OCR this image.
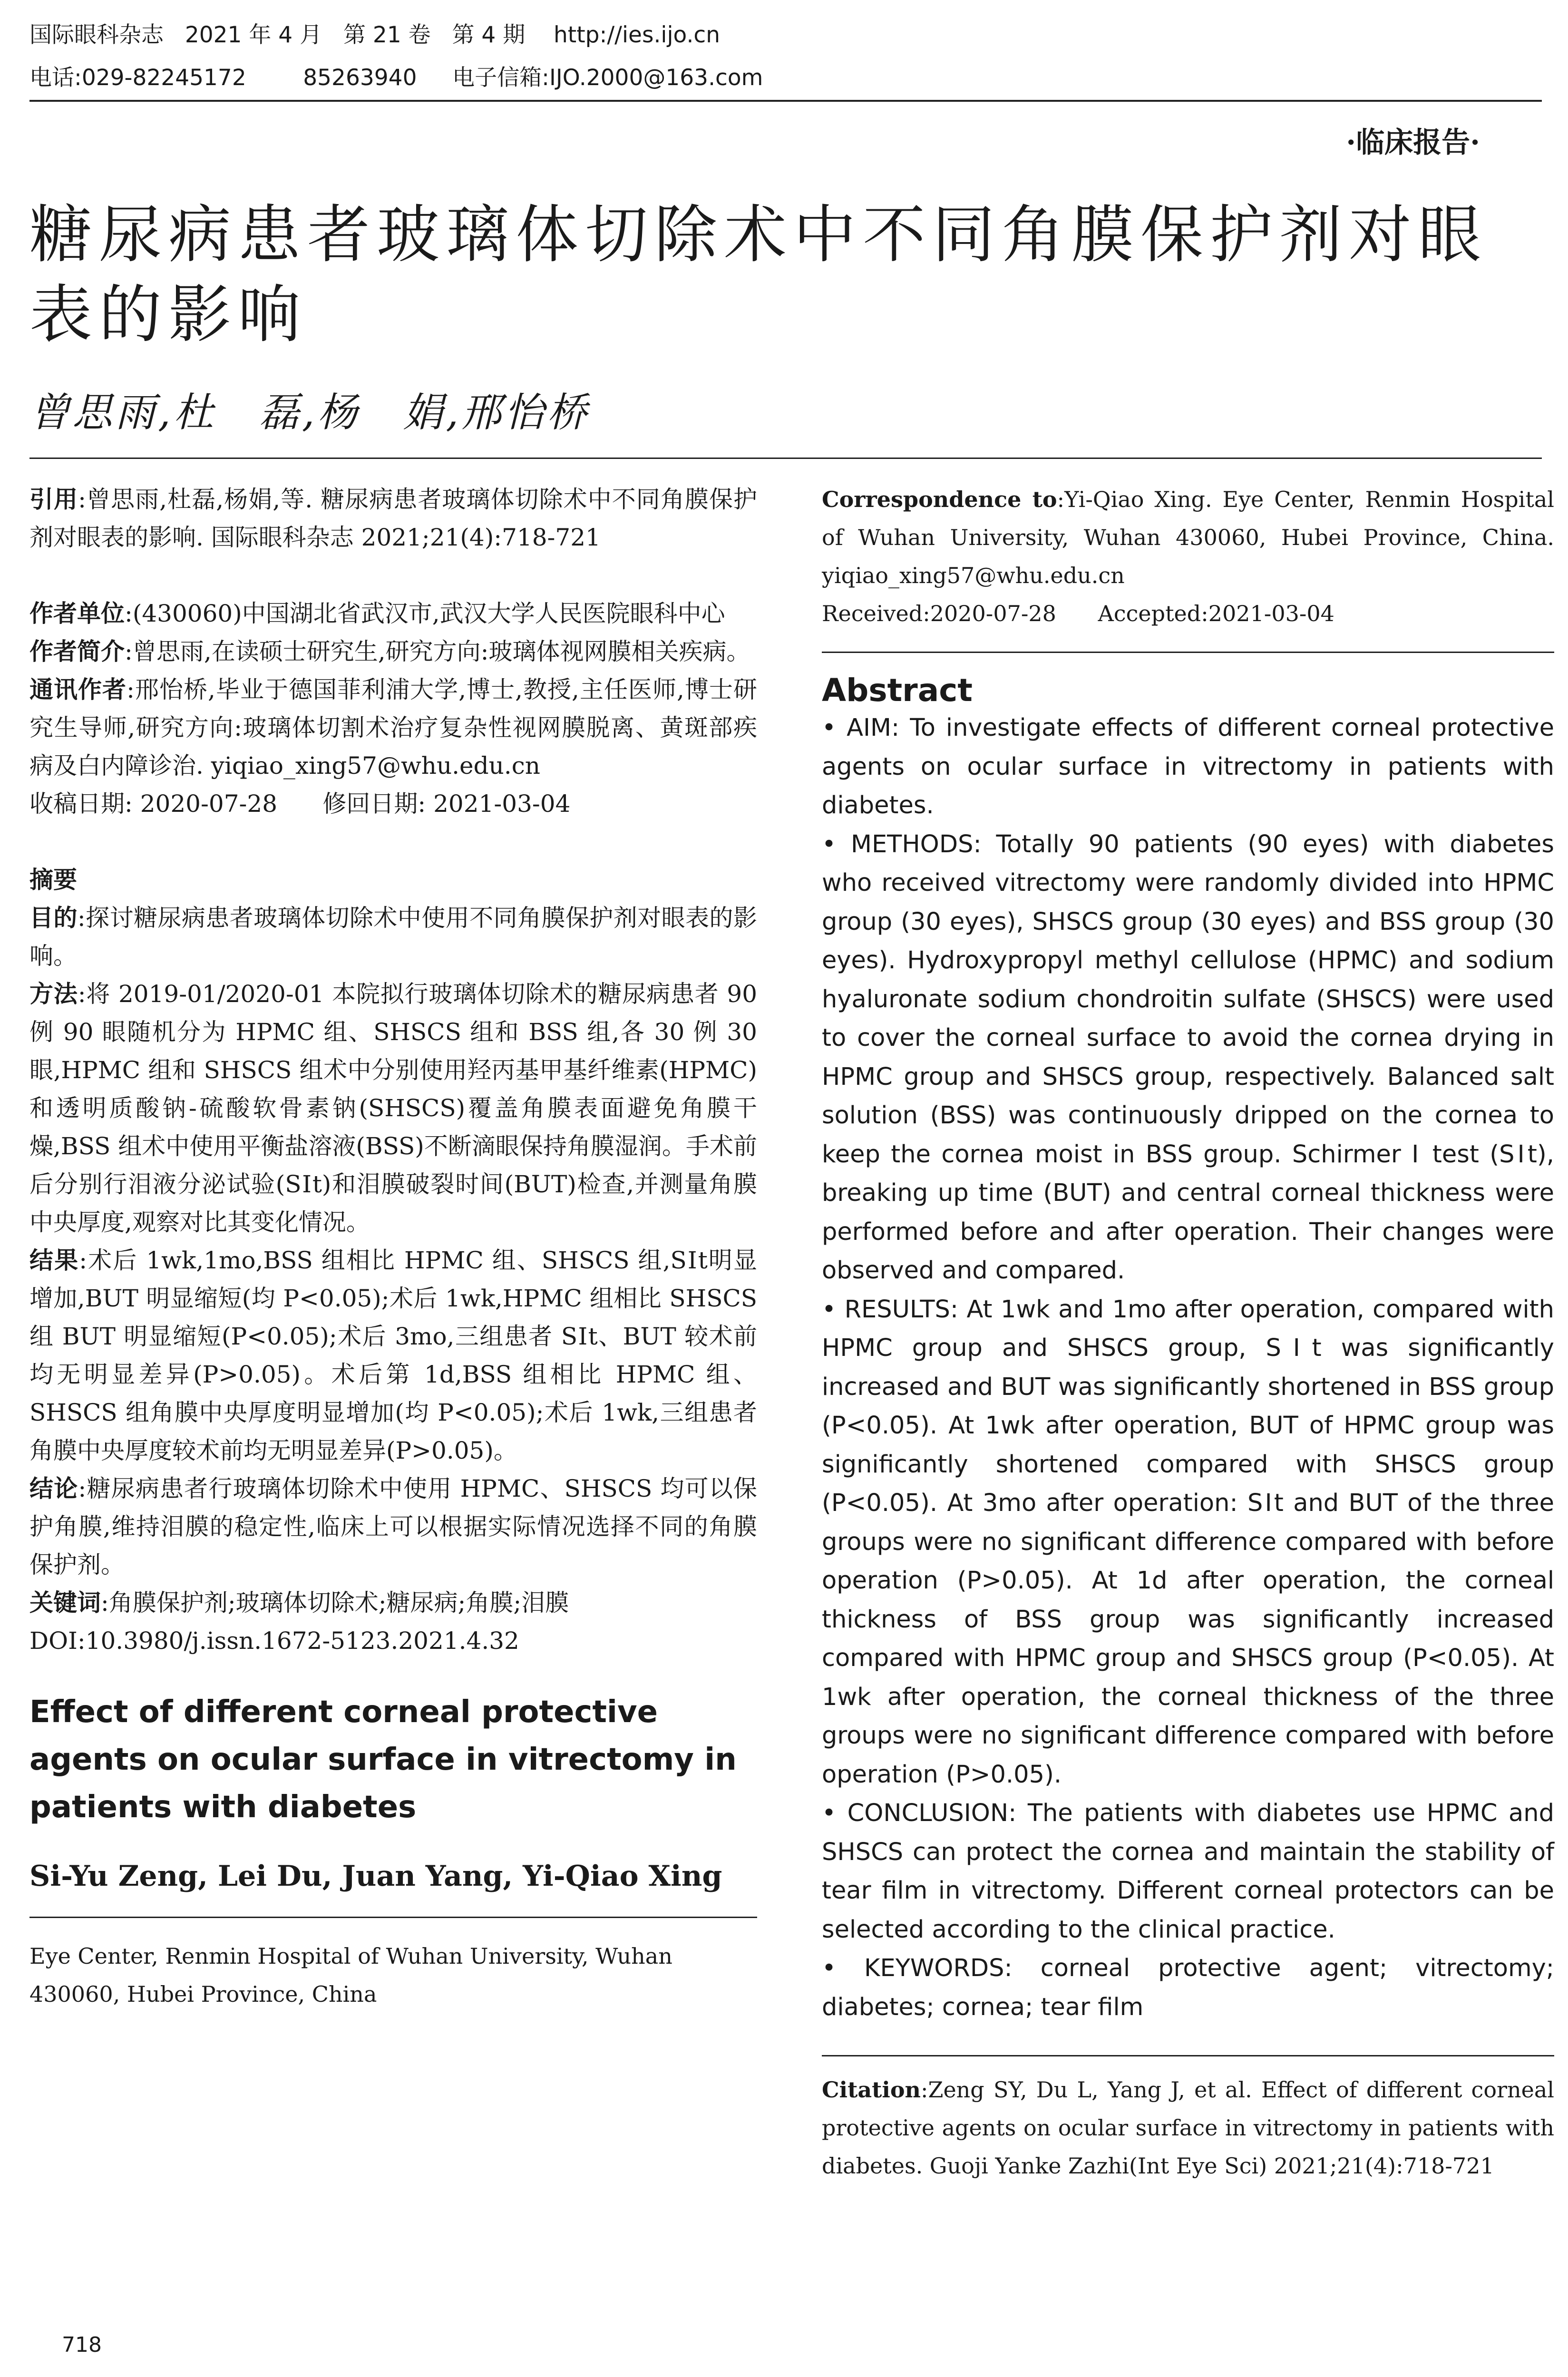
国际眼科杂志   2021 年 4 月   第 21 卷   第 4 期    http://ies.ijo.cn
电话:029-82245172        85263940     电子信箱:IJO.2000@163.com
·临床报告·
糖尿病患者玻璃体切除术中不同角膜保护剂对眼表的影响
曾思雨,杜　磊,杨　娟,邢怡桥

引用:曾思雨,杜磊,杨娟,等. 糖尿病患者玻璃体切除术中不同角膜保护剂对眼表的影响. 国际眼科杂志 2021;21(4):718-721

作者单位:(430060)中国湖北省武汉市,武汉大学人民医院眼科中心

作者简介:曾思雨,在读硕士研究生,研究方向:玻璃体视网膜相关疾病。

通讯作者:邢怡桥,毕业于德国菲利浦大学,博士,教授,主任医师,博士研究生导师,研究方向:玻璃体切割术治疗复杂性视网膜脱离、黄斑部疾病及白内障诊治. yiqiao_xing57@whu.edu.cn

收稿日期: 2020-07-28      修回日期: 2021-03-04

摘要

目的:探讨糖尿病患者玻璃体切除术中使用不同角膜保护剂对眼表的影响。

方法:将 2019-01/2020-01 本院拟行玻璃体切除术的糖尿病患者 90 例 90 眼随机分为 HPMC 组、SHSCS 组和 BSS 组,各 30 例 30 眼,HPMC 组和 SHSCS 组术中分别使用羟丙基甲基纤维素(HPMC)和透明质酸钠-硫酸软骨素钠(SHSCS)覆盖角膜表面避免角膜干燥,BSS 组术中使用平衡盐溶液(BSS)不断滴眼保持角膜湿润。手术前后分别行泪液分泌试验(SⅠt)和泪膜破裂时间(BUT)检查,并测量角膜中央厚度,观察对比其变化情况。

结果:术后 1wk,1mo,BSS 组相比 HPMC 组、SHSCS 组,SⅠt明显增加,BUT 明显缩短(均 P<0.05);术后 1wk,HPMC 组相比 SHSCS 组 BUT 明显缩短(P<0.05);术后 3mo,三组患者 SⅠt、BUT 较术前均无明显差异(P>0.05)。术后第 1d,BSS 组相比 HPMC 组、SHSCS 组角膜中央厚度明显增加(均 P<0.05);术后 1wk,三组患者角膜中央厚度较术前均无明显差异(P>0.05)。

结论:糖尿病患者行玻璃体切除术中使用 HPMC、SHSCS 均可以保护角膜,维持泪膜的稳定性,临床上可以根据实际情况选择不同的角膜保护剂。

关键词:角膜保护剂;玻璃体切除术;糖尿病;角膜;泪膜

DOI:10.3980/j.issn.1672-5123.2021.4.32

Effect of different corneal protective agents on ocular surface in vitrectomy in patients with diabetes

Si-Yu Zeng, Lei Du, Juan Yang, Yi-Qiao Xing

Eye Center, Renmin Hospital of Wuhan University, Wuhan 430060, Hubei Province, China

Correspondence to:Yi-Qiao Xing. Eye Center, Renmin Hospital of Wuhan University, Wuhan 430060, Hubei Province, China. yiqiao_xing57@whu.edu.cn

Received:2020-07-28      Accepted:2021-03-04

Abstract

• AIM: To investigate effects of different corneal protective agents on ocular surface in vitrectomy in patients with diabetes.

• METHODS: Totally 90 patients (90 eyes) with diabetes who received vitrectomy were randomly divided into HPMC group (30 eyes), SHSCS group (30 eyes) and BSS group (30 eyes). Hydroxypropyl methyl cellulose (HPMC) and sodium hyaluronate sodium chondroitin sulfate (SHSCS) were used to cover the corneal surface to avoid the cornea drying in HPMC group and SHSCS group, respectively. Balanced salt solution (BSS) was continuously dripped on the cornea to keep the cornea moist in BSS group. Schirmer Ⅰ test (SⅠt), breaking up time (BUT) and central corneal thickness were performed before and after operation. Their changes were observed and compared.

• RESULTS: At 1wk and 1mo after operation, compared with HPMC group and SHSCS group, SⅠt was significantly increased and BUT was significantly shortened in BSS group (P<0.05). At 1wk after operation, BUT of HPMC group was significantly shortened compared with SHSCS group (P<0.05). At 3mo after operation: SⅠt and BUT of the three groups were no significant difference compared with before operation (P>0.05). At 1d after operation, the corneal thickness of BSS group was significantly increased compared with HPMC group and SHSCS group (P<0.05). At 1wk after operation, the corneal thickness of the three groups were no significant difference compared with before operation (P>0.05).

• CONCLUSION: The patients with diabetes use HPMC and SHSCS can protect the cornea and maintain the stability of tear film in vitrectomy. Different corneal protectors can be selected according to the clinical practice.

• KEYWORDS: corneal protective agent; vitrectomy; diabetes; cornea; tear film

Citation:Zeng SY, Du L, Yang J, et al. Effect of different corneal protective agents on ocular surface in vitrectomy in patients with diabetes. Guoji Yanke Zazhi(Int Eye Sci) 2021;21(4):718-721

718
